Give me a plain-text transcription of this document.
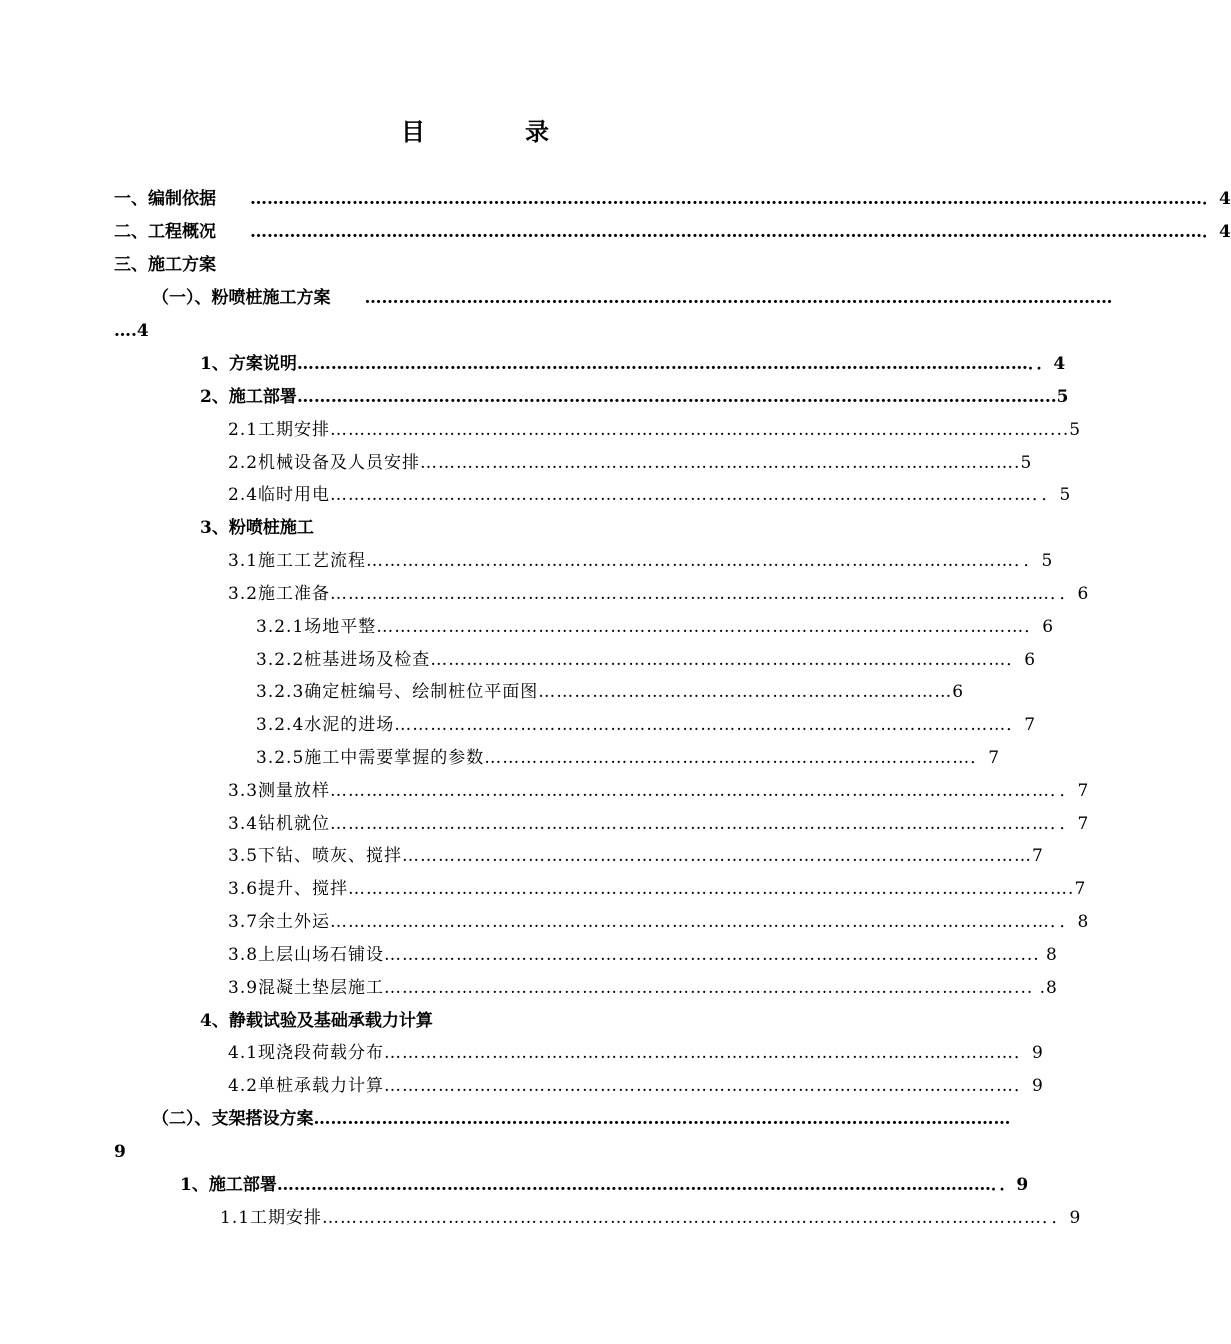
目　录
一、编制依据　　……………………………………………………………………………………………………………………………………………………．4
二、工程概况　　……………………………………………………………………………………………………………………………………………………．4
三、施工方案
（一）、粉喷桩施工方案　　……………………………………………………………………………………………………………………
….4
1、方案说明…………………………………………………………………………………………………………………．．4
2、施工部署……………………………………………………………………………………………………………………..5
2.1工期安排…………………………………………………………………………………………………………...5
2.2机械设备及人员安排……………………………………………………………………………………….5
2.4临时用电………………………………………………………………………………………………………．．5
3、粉喷桩施工
3.1施工工艺流程………………………………………………………………………………………………．．5
3.2施工准备…………………………………………………………………………………………………………．．6
3.2.1场地平整………………………………………………………………………………………………．6
3.2.2桩基进场及检查……………………………………………………………………………………．6
3.2.3确定桩编号、绘制桩位平面图……………………………………………………………6
3.2.4水泥的进场…………………………………………………………………………………………．7
3.2.5施工中需要掌握的参数………………………………………………………………………．7
3.3测量放样…………………………………………………………………………………………………………．．7
3.4钻机就位…………………………………………………………………………………………………………．．7
3.5下钻、喷灰、搅拌……………………………………………………………………………………………7
3.6提升、搅拌………………………………………………………………………………………………………….7
3.7余土外运…………………………………………………………………………………………………………．．8
3.8上层山场石铺设…………………………………………………………………………………………….... 8
3.9混凝土垫层施工……………………………………………………………………………………………... .8
4、静载试验及基础承载力计算
4.1现浇段荷载分布……………………………………………………………………………………………．9
4.2单桩承载力计算……………………………………………………………………………………………．9
（二）、支架搭设方案……………………………………………………………………………………………………………
9
1、施工部署………………………………………………………………………………………………………………．．9
1.1工期安排…………………………………………………………………………………………………………．．9
